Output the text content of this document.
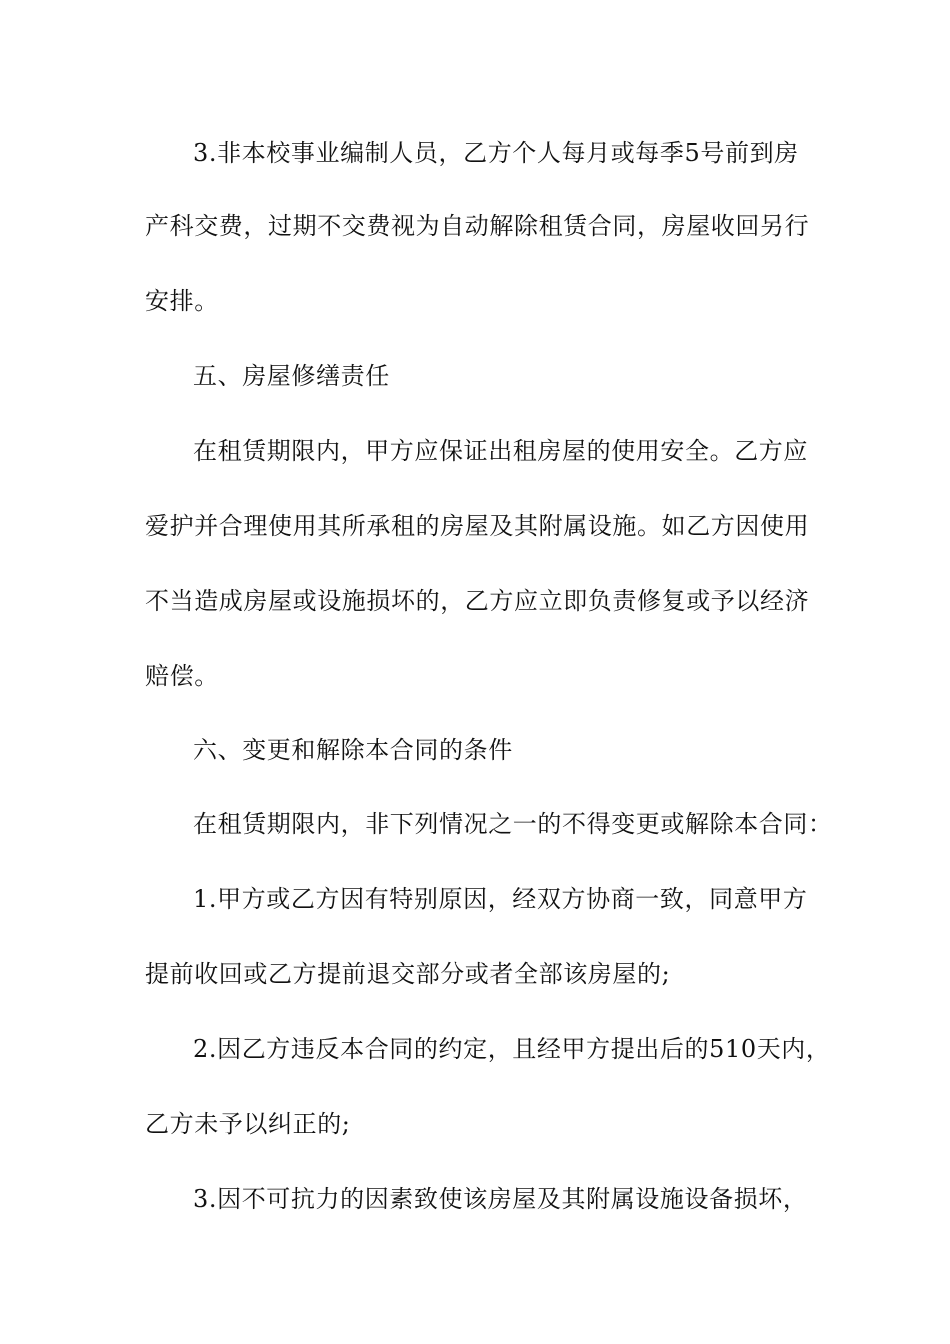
3.非本校事业编制人员，乙方个人每月或每季5号前到房
产科交费，过期不交费视为自动解除租赁合同，房屋收回另行
安排。
五、房屋修缮责任
在租赁期限内，甲方应保证出租房屋的使用安全。乙方应
爱护并合理使用其所承租的房屋及其附属设施。如乙方因使用
不当造成房屋或设施损坏的，乙方应立即负责修复或予以经济
赔偿。
六、变更和解除本合同的条件
在租赁期限内，非下列情况之一的不得变更或解除本合同：
1.甲方或乙方因有特别原因，经双方协商一致，同意甲方
提前收回或乙方提前退交部分或者全部该房屋的;
2.因乙方违反本合同的约定，且经甲方提出后的510天内，
乙方未予以纠正的;
3.因不可抗力的因素致使该房屋及其附属设施设备损坏，
